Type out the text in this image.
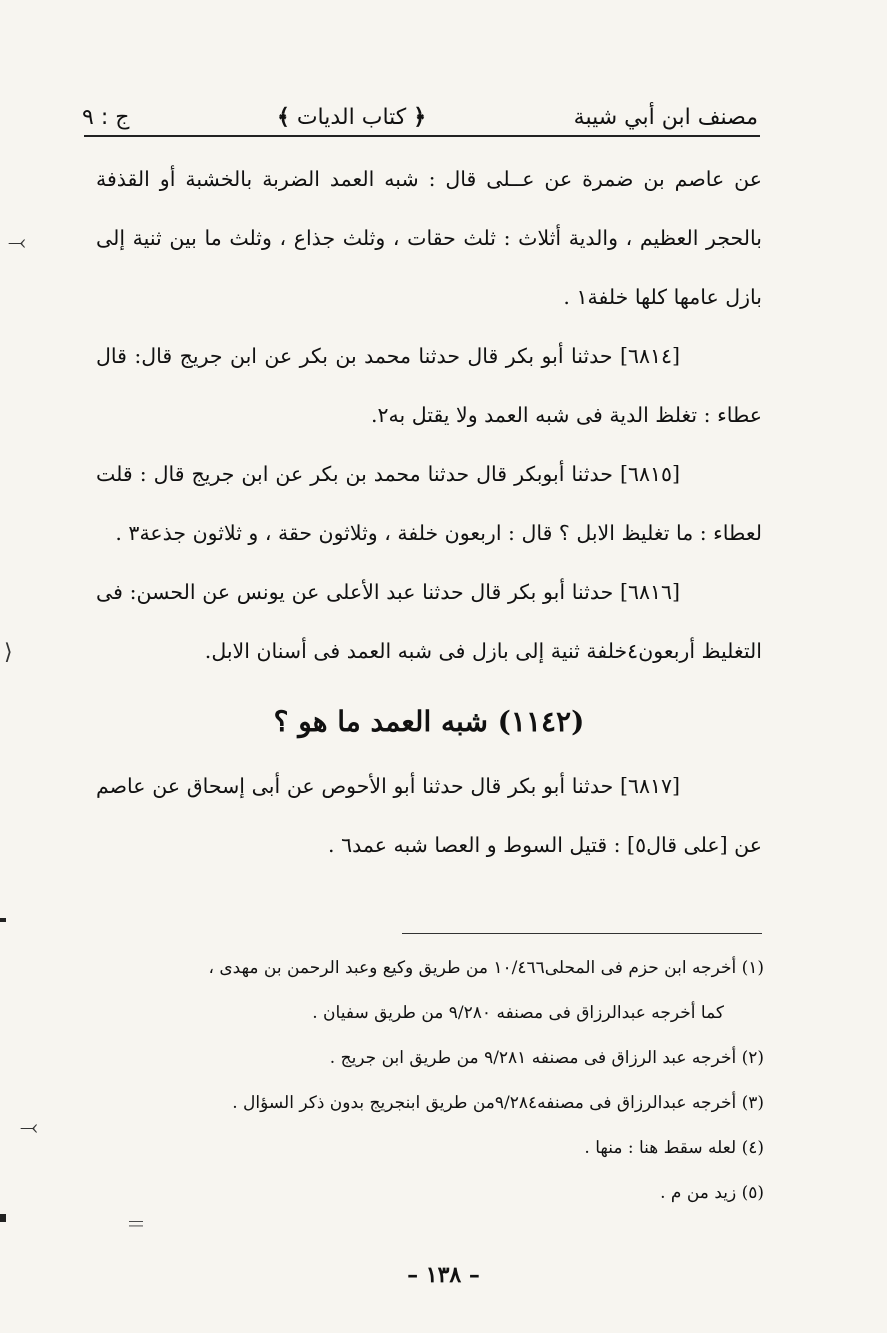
مصنف ابن أبي شيبة
﴿ كتاب الديات ﴾
ج : ٩

عن عاصم بن ضمرة عن عــلى قال : شبه العمد الضربة بالخشبة أو القذفة بالحجر العظيم ، والدية أثلاث : ثلث حقات ، وثلث جذاع ، وثلث ما بين ثنية إلى بازل عامها كلها خلفة١ .

[٦٨١٤] حدثنا أبو بكر قال حدثنا محمد بن بكر عن ابن جريج قال: قال عطاء : تغلظ الدية فى شبه العمد ولا يقتل به٢.

[٦٨١٥] حدثنا أبوبكر قال حدثنا محمد بن بكر عن ابن جريج قال : قلت لعطاء : ما تغليظ الابل ؟ قال : اربعون خلفة ، وثلاثون حقة ، و ثلاثون جذعة٣ .

[٦٨١٦] حدثنا أبو بكر قال حدثنا عبد الأعلى عن يونس عن الحسن: فى التغليظ أربعون٤خلفة ثنية إلى بازل فى شبه العمد فى أسنان الابل.

(١١٤٢) شبه العمد ما هو ؟

[٦٨١٧] حدثنا أبو بكر قال حدثنا أبو الأحوص عن أبى إسحاق عن عاصم عن [على قال٥] : قتيل السوط و العصا شبه عمد٦ .

(١) أخرجه ابن حزم فى المحلى١٠/٤٦٦ من طريق وكيع وعبد الرحمن بن مهدى ،

كما أخرجه عبدالرزاق فى مصنفه ٩/٢٨٠ من طريق سفيان .

(٢) أخرجه عبد الرزاق فى مصنفه ٩/٢٨١ من طريق ابن جريج .

(٣) أخرجه عبدالرزاق فى مصنفه٩/٢٨٤من طريق ابنجريج بدون ذكر السؤال .

(٤) لعله سقط هنا : منها .

(٥) زيد من م .

– ١٣٨ –
⤙
⟨
⤙
＝
